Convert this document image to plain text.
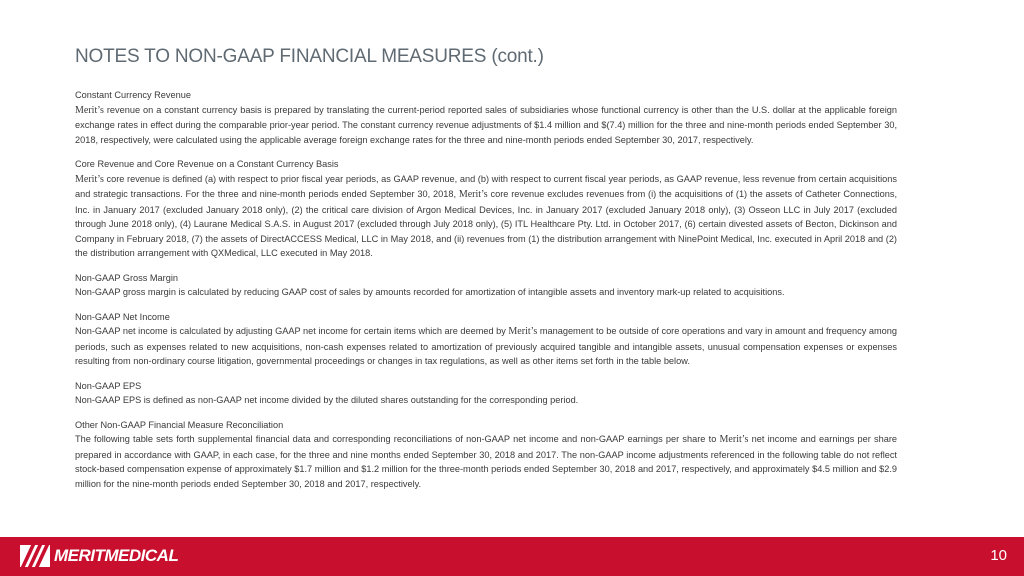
NOTES TO NON-GAAP FINANCIAL MEASURES (cont.)
Constant Currency Revenue
Merit’s revenue on a constant currency basis is prepared by translating the current-period reported sales of subsidiaries whose functional currency is other than the U.S. dollar at the applicable foreign exchange rates in effect during the comparable prior-year period. The constant currency revenue adjustments of $1.4 million and $(7.4) million for the three and nine-month periods ended September 30, 2018, respectively, were calculated using the applicable average foreign exchange rates for the three and nine-month periods ended September 30, 2017, respectively.
Core Revenue and Core Revenue on a Constant Currency Basis
Merit’s core revenue is defined (a) with respect to prior fiscal year periods, as GAAP revenue, and (b) with respect to current fiscal year periods, as GAAP revenue, less revenue from certain acquisitions and strategic transactions. For the three and nine-month periods ended September 30, 2018, Merit’s core revenue excludes revenues from (i) the acquisitions of (1) the assets of Catheter Connections, Inc. in January 2017 (excluded January 2018 only), (2) the critical care division of Argon Medical Devices, Inc. in January 2017 (excluded January 2018 only), (3) Osseon LLC in July 2017 (excluded through June 2018 only), (4) Laurane Medical S.A.S. in August 2017 (excluded through July 2018 only), (5) ITL Healthcare Pty. Ltd. in October 2017, (6) certain divested assets of Becton, Dickinson and Company in February 2018, (7) the assets of DirectACCESS Medical, LLC in May 2018, and (ii) revenues from (1) the distribution arrangement with NinePoint Medical, Inc. executed in April 2018 and (2) the distribution arrangement with QXMedical, LLC executed in May 2018.
Non-GAAP Gross Margin
Non-GAAP gross margin is calculated by reducing GAAP cost of sales by amounts recorded for amortization of intangible assets and inventory mark-up related to acquisitions.
Non-GAAP Net Income
Non-GAAP net income is calculated by adjusting GAAP net income for certain items which are deemed by Merit’s management to be outside of core operations and vary in amount and frequency among periods, such as expenses related to new acquisitions, non-cash expenses related to amortization of previously acquired tangible and intangible assets, unusual compensation expenses or expenses resulting from non-ordinary course litigation, governmental proceedings or changes in tax regulations, as well as other items set forth in the table below.
Non-GAAP EPS
Non-GAAP EPS is defined as non-GAAP net income divided by the diluted shares outstanding for the corresponding period.
Other Non-GAAP Financial Measure Reconciliation
The following table sets forth supplemental financial data and corresponding reconciliations of non-GAAP net income and non-GAAP earnings per share to Merit’s net income and earnings per share prepared in accordance with GAAP, in each case, for the three and nine months ended September 30, 2018 and 2017. The non-GAAP income adjustments referenced in the following table do not reflect stock-based compensation expense of approximately $1.7 million and $1.2 million for the three-month periods ended September 30, 2018 and 2017, respectively, and approximately $4.5 million and $2.9 million for the nine-month periods ended September 30, 2018 and 2017, respectively.
MERITMEDICAL	10
